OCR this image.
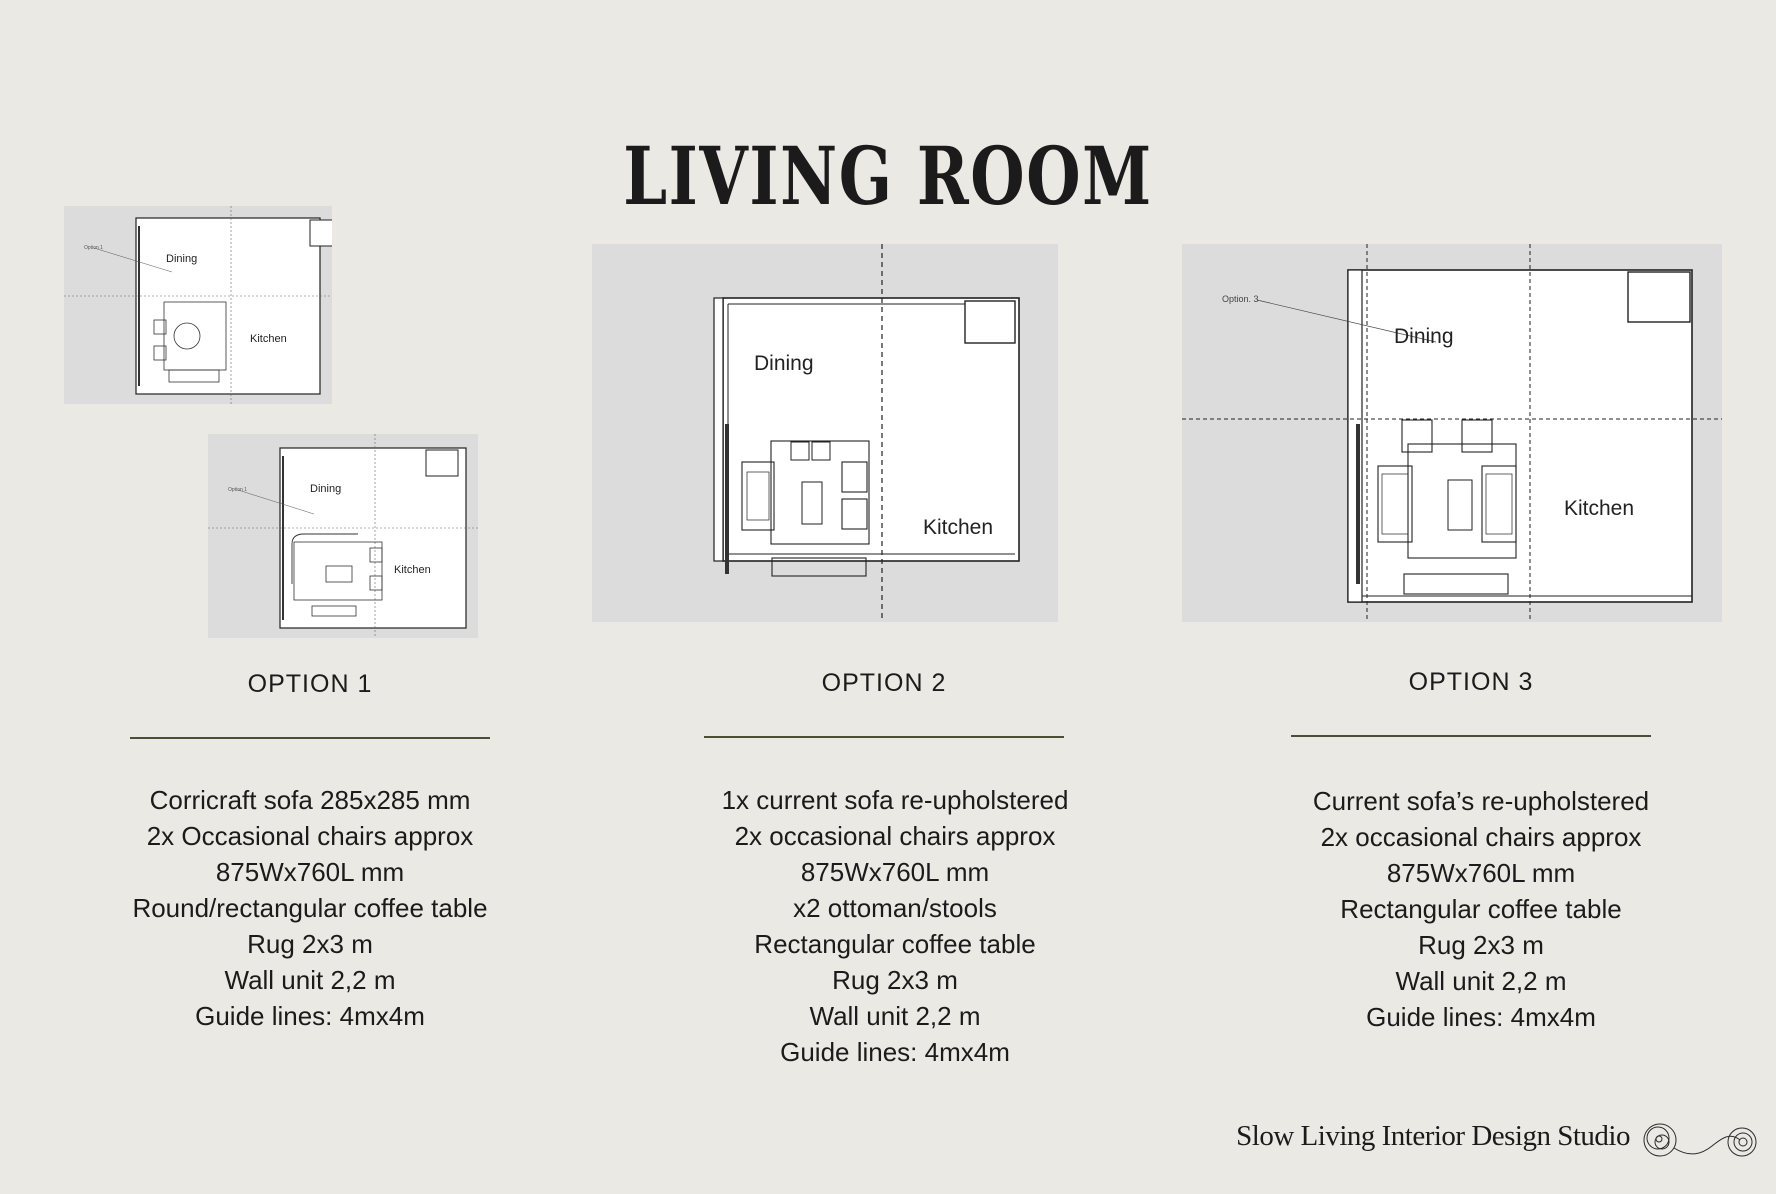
LIVING ROOM
Option 1
Dining
Kitchen
Option 1	Dining
Kitchen
Dining
Kitchen
Option. 3
Dining
Kitchen
OPTION 1	OPTION 2	OPTION 3
Corricraft sofa 285x285 mm
2x Occasional chairs approx
875Wx760L mm
Round/rectangular coffee table
Rug 2x3 m
Wall unit 2,2 m
Guide lines: 4mx4m
1x current sofa re-upholstered
2x occasional chairs approx
875Wx760L mm
x2 ottoman/stools
Rectangular coffee table
Rug 2x3 m
Wall unit 2,2 m
Guide lines: 4mx4m
Current sofa’s re-upholstered
2x occasional chairs approx
875Wx760L mm
Rectangular coffee table
Rug 2x3 m
Wall unit 2,2 m
Guide lines: 4mx4m
Slow Living Interior Design Studio
